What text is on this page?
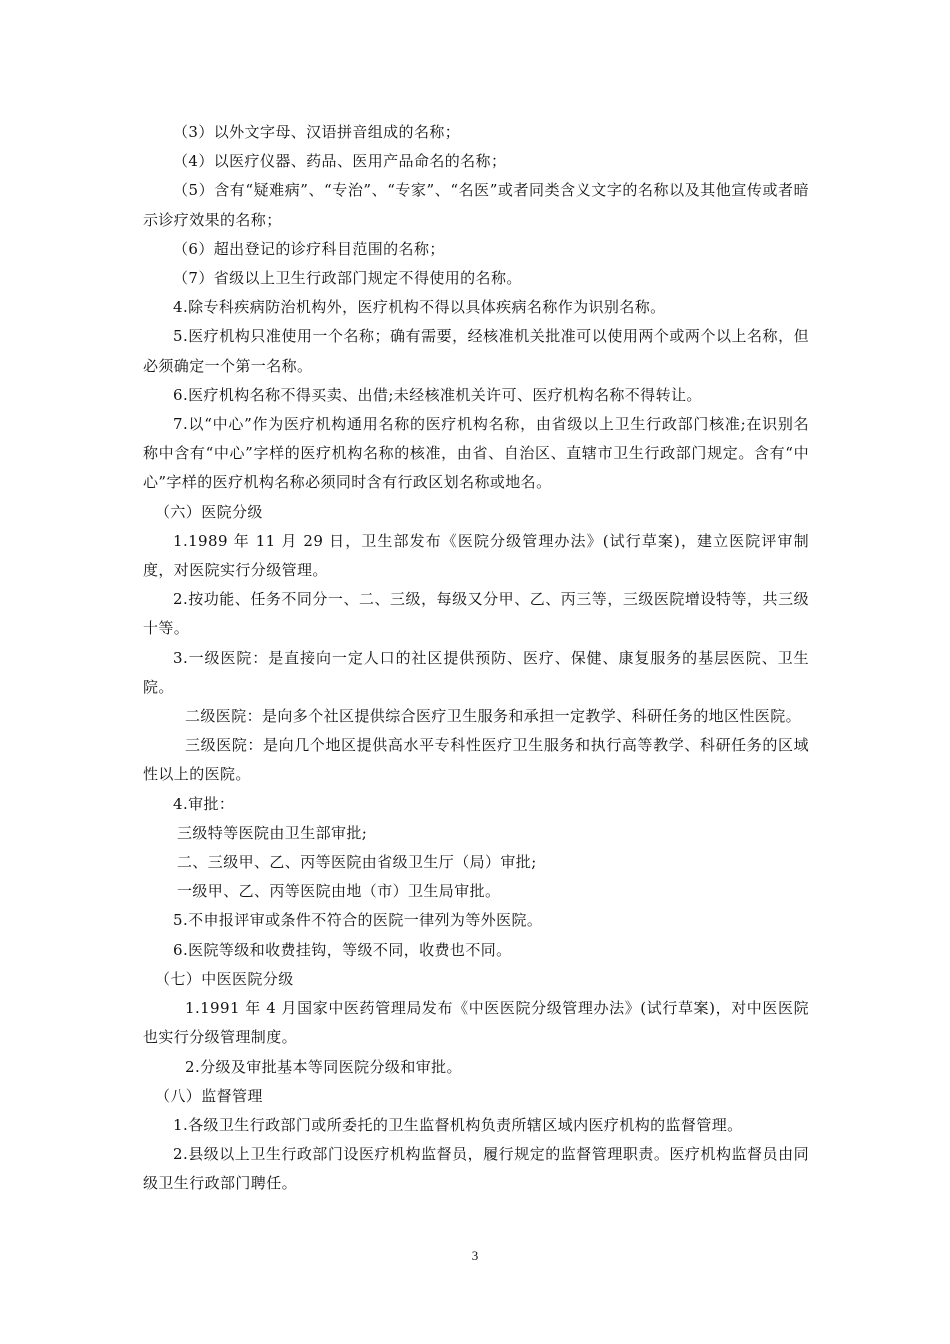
（3）以外文字母、汉语拼音组成的名称；

（4）以医疗仪器、药品、医用产品命名的名称；

（5）含有“疑难病”、“专治”、“专家”、“名医”或者同类含义文字的名称以及其他宣传或者暗示诊疗效果的名称；

（6）超出登记的诊疗科目范围的名称；

（7）省级以上卫生行政部门规定不得使用的名称。

4.除专科疾病防治机构外，医疗机构不得以具体疾病名称作为识别名称。

5.医疗机构只准使用一个名称；确有需要，经核准机关批准可以使用两个或两个以上名称，但必须确定一个第一名称。

6.医疗机构名称不得买卖、出借;未经核准机关许可、医疗机构名称不得转让。

7.以“中心”作为医疗机构通用名称的医疗机构名称，由省级以上卫生行政部门核准;在识别名称中含有“中心”字样的医疗机构名称的核准，由省、自治区、直辖市卫生行政部门规定。含有“中心”字样的医疗机构名称必须同时含有行政区划名称或地名。

（六）医院分级

1.1989 年 11 月 29 日，卫生部发布《医院分级管理办法》(试行草案)，建立医院评审制度，对医院实行分级管理。

2.按功能、任务不同分一、二、三级，每级又分甲、乙、丙三等，三级医院增设特等，共三级十等。

3.一级医院：是直接向一定人口的社区提供预防、医疗、保健、康复服务的基层医院、卫生院。

二级医院：是向多个社区提供综合医疗卫生服务和承担一定教学、科研任务的地区性医院。

三级医院：是向几个地区提供高水平专科性医疗卫生服务和执行高等教学、科研任务的区域性以上的医院。

4.审批：

三级特等医院由卫生部审批;

二、三级甲、乙、丙等医院由省级卫生厅（局）审批;

一级甲、乙、丙等医院由地（市）卫生局审批。

5.不申报评审或条件不符合的医院一律列为等外医院。

6.医院等级和收费挂钩，等级不同，收费也不同。

（七）中医医院分级

1.1991 年 4 月国家中医药管理局发布《中医医院分级管理办法》(试行草案)，对中医医院也实行分级管理制度。

2.分级及审批基本等同医院分级和审批。

（八）监督管理

1.各级卫生行政部门或所委托的卫生监督机构负责所辖区域内医疗机构的监督管理。

2.县级以上卫生行政部门设医疗机构监督员，履行规定的监督管理职责。医疗机构监督员由同级卫生行政部门聘任。

3
